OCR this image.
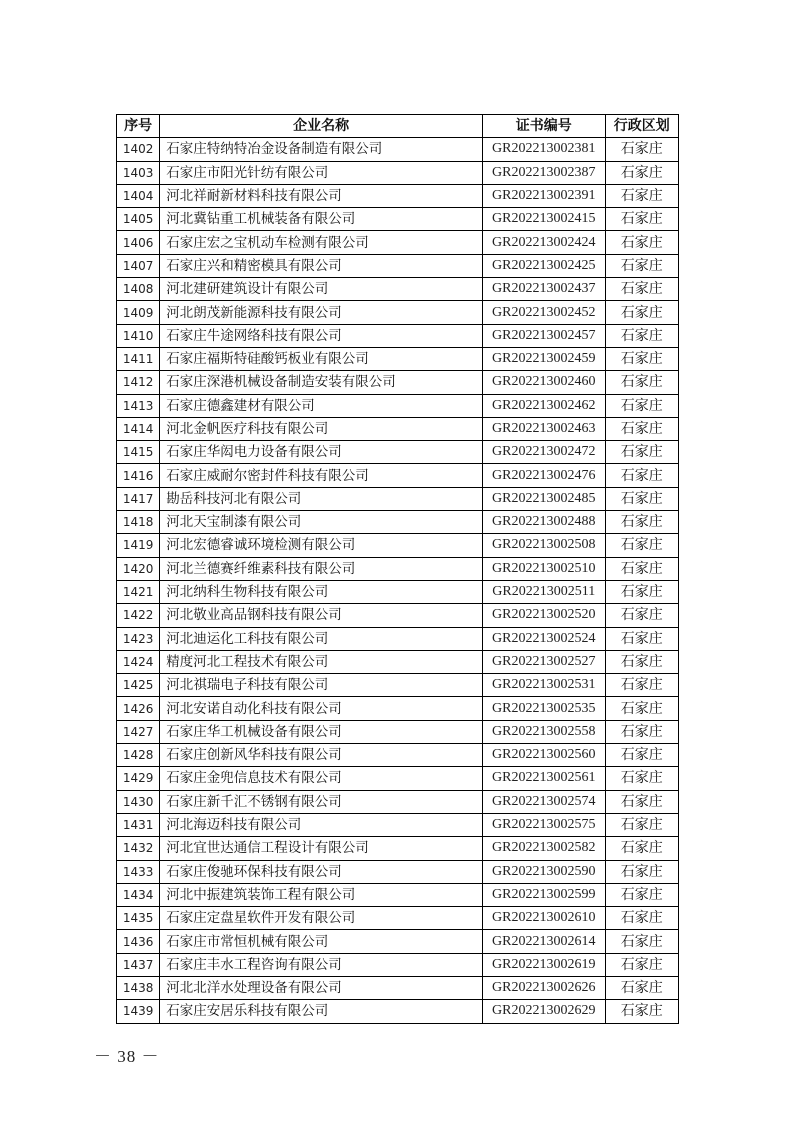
序号	企业名称	证书编号	行政区划
1402	石家庄特纳特冶金设备制造有限公司	GR202213002381	石家庄
1403	石家庄市阳光针纺有限公司	GR202213002387	石家庄
1404	河北祥耐新材料科技有限公司	GR202213002391	石家庄
1405	河北冀钻重工机械装备有限公司	GR202213002415	石家庄
1406	石家庄宏之宝机动车检测有限公司	GR202213002424	石家庄
1407	石家庄兴和精密模具有限公司	GR202213002425	石家庄
1408	河北建研建筑设计有限公司	GR202213002437	石家庄
1409	河北朗茂新能源科技有限公司	GR202213002452	石家庄
1410	石家庄牛途网络科技有限公司	GR202213002457	石家庄
1411	石家庄福斯特硅酸钙板业有限公司	GR202213002459	石家庄
1412	石家庄深港机械设备制造安装有限公司	GR202213002460	石家庄
1413	石家庄德鑫建材有限公司	GR202213002462	石家庄
1414	河北金帆医疗科技有限公司	GR202213002463	石家庄
1415	石家庄华闳电力设备有限公司	GR202213002472	石家庄
1416	石家庄威耐尔密封件科技有限公司	GR202213002476	石家庄
1417	勘岳科技河北有限公司	GR202213002485	石家庄
1418	河北天宝制漆有限公司	GR202213002488	石家庄
1419	河北宏德睿诚环境检测有限公司	GR202213002508	石家庄
1420	河北兰德赛纤维素科技有限公司	GR202213002510	石家庄
1421	河北纳科生物科技有限公司	GR202213002511	石家庄
1422	河北敬业高品钢科技有限公司	GR202213002520	石家庄
1423	河北迪运化工科技有限公司	GR202213002524	石家庄
1424	精度河北工程技术有限公司	GR202213002527	石家庄
1425	河北祺瑞电子科技有限公司	GR202213002531	石家庄
1426	河北安诺自动化科技有限公司	GR202213002535	石家庄
1427	石家庄华工机械设备有限公司	GR202213002558	石家庄
1428	石家庄创新风华科技有限公司	GR202213002560	石家庄
1429	石家庄金兜信息技术有限公司	GR202213002561	石家庄
1430	石家庄新千汇不锈钢有限公司	GR202213002574	石家庄
1431	河北海迈科技有限公司	GR202213002575	石家庄
1432	河北宜世达通信工程设计有限公司	GR202213002582	石家庄
1433	石家庄俊驰环保科技有限公司	GR202213002590	石家庄
1434	河北中振建筑装饰工程有限公司	GR202213002599	石家庄
1435	石家庄定盘星软件开发有限公司	GR202213002610	石家庄
1436	石家庄市常恒机械有限公司	GR202213002614	石家庄
1437	石家庄丰水工程咨询有限公司	GR202213002619	石家庄
1438	河北北洋水处理设备有限公司	GR202213002626	石家庄
1439	石家庄安居乐科技有限公司	GR202213002629	石家庄
－ 38 －
